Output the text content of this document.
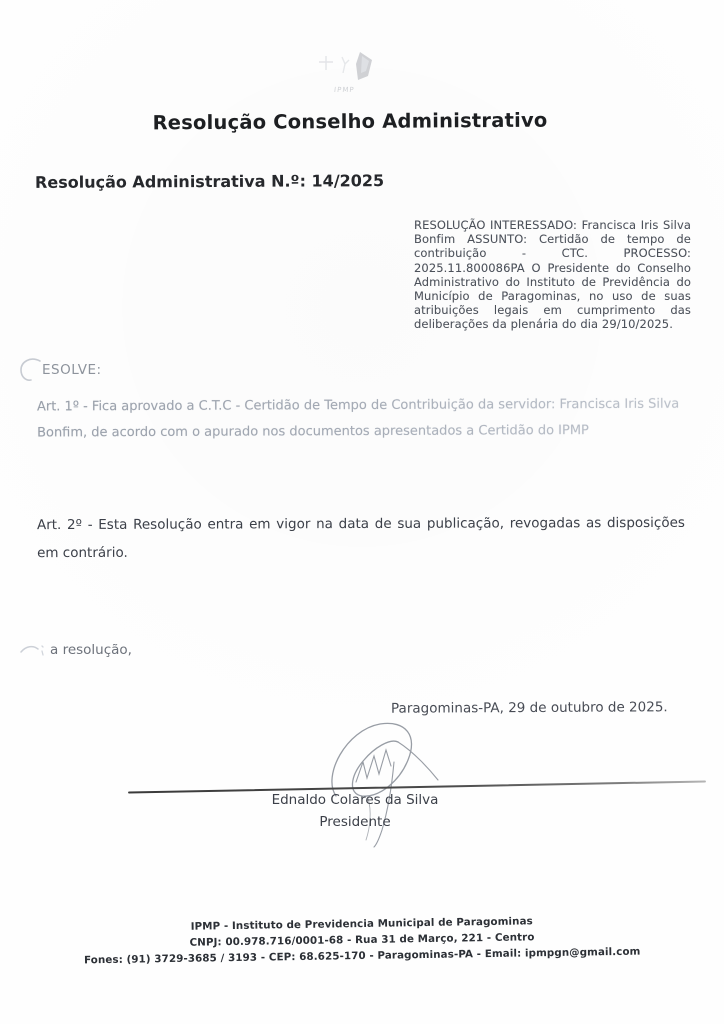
IPMP
Resolução Conselho Administrativo
Resolução Administrativa N.º: 14/2025

RESOLUÇÃO INTERESSADO: Francisca Iris Silva Bonfim ASSUNTO: Certidão de tempo de contribuição - CTC. PROCESSO: 2025.11.800086PA O Presidente do Conselho Administrativo do Instituto de Previdência do Município de Paragominas, no uso de suas atribuições legais em cumprimento das deliberações da plenária do dia 29/10/2025.

ESOLVE:

Art. 1º - Fica aprovado a C.T.C - Certidão de Tempo de Contribuição da servidor: Francisca Iris Silva Bonfim, de acordo com o apurado nos documentos apresentados a Certidão do IPMP

Art. 2º - Esta Resolução entra em vigor na data de sua publicação, revogadas as disposições em contrário.

a resolução,

Paragominas-PA, 29 de outubro de 2025.

Ednaldo Colares da Silva
Presidente
IPMP - Instituto de Previdencia Municipal de Paragominas
CNPJ: 00.978.716/0001-68 - Rua 31 de Março, 221 - Centro
Fones: (91) 3729-3685 / 3193 - CEP: 68.625-170 - Paragominas-PA - Email: ipmpgn@gmail.com
